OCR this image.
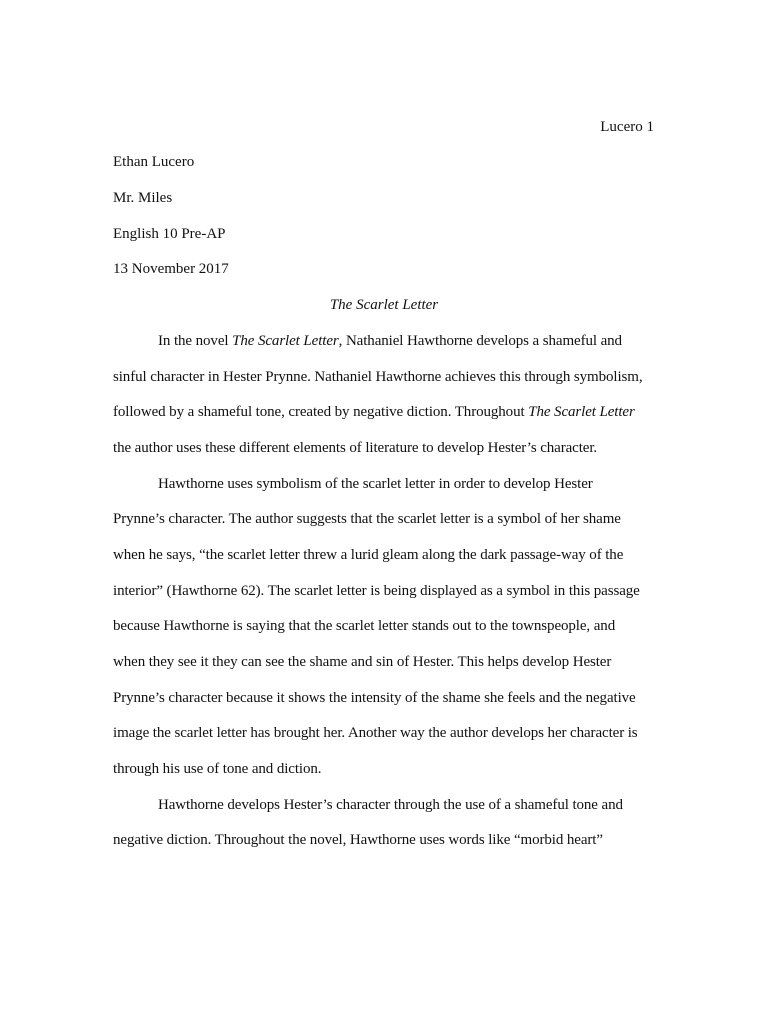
Lucero 1
Ethan Lucero
Mr. Miles
English 10 Pre-AP
13 November 2017
The Scarlet Letter
In the novel The Scarlet Letter, Nathaniel Hawthorne develops a shameful and
sinful character in Hester Prynne. Nathaniel Hawthorne achieves this through symbolism,
followed by a shameful tone, created by negative diction. Throughout The Scarlet Letter
the author uses these different elements of literature to develop Hester’s character.
Hawthorne uses symbolism of the scarlet letter in order to develop Hester
Prynne’s character. The author suggests that the scarlet letter is a symbol of her shame
when he says, “the scarlet letter threw a lurid gleam along the dark passage-way of the
interior” (Hawthorne 62). The scarlet letter is being displayed as a symbol in this passage
because Hawthorne is saying that the scarlet letter stands out to the townspeople, and
when they see it they can see the shame and sin of Hester. This helps develop Hester
Prynne’s character because it shows the intensity of the shame she feels and the negative
image the scarlet letter has brought her. Another way the author develops her character is
through his use of tone and diction.
Hawthorne develops Hester’s character through the use of a shameful tone and
negative diction. Throughout the novel, Hawthorne uses words like “morbid heart”
